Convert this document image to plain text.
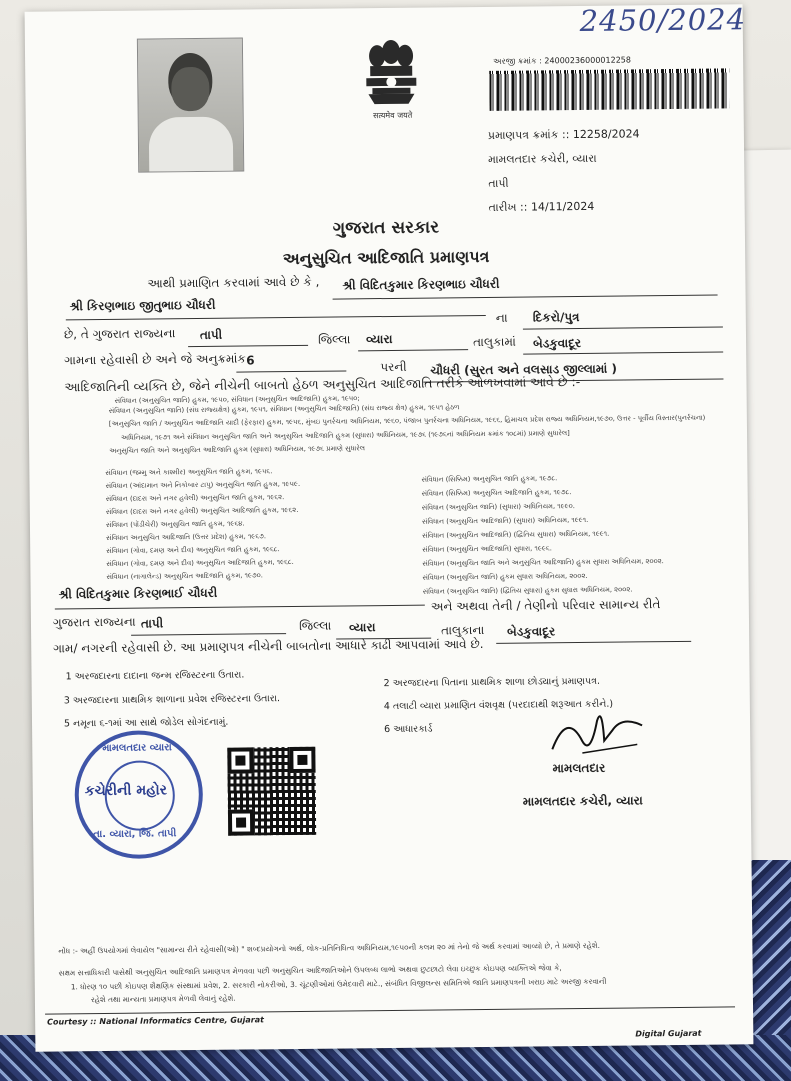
2450/2024
सत्यमेव जयते
અરજી ક્રમાંક : 24000236000012258
પ્રમાણપત્ર ક્રમાંક :: 12258/2024
મામલતદાર કચેરી, વ્યારા
તાપી
તારીખ :: 14/11/2024
ગુજરાત સરકાર
અનુસુચિત આદિજાતિ પ્રમાણપત્ર
આથી પ્રમાણિત કરવામાં આવે છે કે , શ્રી વિદિતકુમાર કિરણભાઇ ચૌધરી
શ્રી કિરણભાઇ જીતુભાઇ ચૌધરી
ના દિકરો/પુત્ર
છે, તે ગુજરાત રાજ્યના તાપી	જિલ્લા વ્યારા	તાલુકામાં બેડકુવાદૂર
ગામના રહેવાસી છે અને જે અનુક્રમાંક 6	પરની ચૌધરી (સુરત અને વલસાડ જીલ્લામાં )
આદિજાતિની વ્યક્તિ છે, જેને નીચેની બાબતો હેઠળ અનુસુચિત આદિજાતિ તરીકે ઓળખવામાં આવે છે :-
સંવિધાન (અનુસુચિત જાતિ) હુકમ, ૧૯૫૦, સંવિધાન (અનુસુચિત આદિજાતિ) હુકમ, ૧૯૫૦;
સંવિધાન (અનુસુચિત જાતિ) (સંઘ રાજ્યક્ષેત્ર) હુકમ, ૧૯૫૧, સંવિધાન (અનુસુચિત આદિજાતિ) (સંઘ રાજ્ય ક્ષેત્ર) હુકમ, ૧૯૫૧ હેઠળ
[અનુસુચિત જાતિ / અનુસુચિત આદિજાતિ યાદી (ફેરફાર) હુકમ, ૧૯૫૬, મુંબઇ પુનર્રચના અધિનિયમ, ૧૯૬૦, પંજાબ પુનર્રચના અધિનિયમ, ૧૯૬૬, હિમાચલ પ્રદેશ રાજ્ય અધિનિયમ,૧૯૭૦, ઉત્તર - પૂર્વીય વિસ્તાર(પુનર્રચના)
અધિનિયમ, ૧૯૭૧ અને સંવિધાન અનુસુચિત જાતિ અને અનુસુચિત આદિજાતિ હુકમ (સુધારા) અધિનિયમ, ૧૯૭૬ (૧૯૭૬નાં અધિનિયમ ક્રમાંક ૧૦૮માં) પ્રમાણે સુધારેલ]
અનુસુચિત જાતિ અને અનુસુચિત આદિજાતિ હુકમ (સુધારા) અધિનિયમ, ૧૯૭૬ પ્રમાણે સુધારેલ
સંવિધાન (જમ્મુ અને કાશ્મીર) અનુસુચિત જાતિ હુકમ, ૧૯૫૬.
સંવિધાન (આંદામાન અને નિકોબાર ટાપુ) અનુસુચિત જાતિ હુકમ, ૧૯૫૯.
સંવિધાન (દાદરા અને નગર હવેલી) અનુસુચિત જાતિ હુકમ, ૧૯૬૨.
સંવિધાન (દાદરા અને નગર હવેલી) અનુસુચિત આદિજાતિ હુકમ, ૧૯૬૨.
સંવિધાન (પોંડીચેરી) અનુસુચિત જાતિ હુકમ, ૧૯૬૪.
સંવિધાન અનુસુચિત આદિજાતિ (ઉત્તર પ્રદેશ) હુકમ, ૧૯૬૭.
સંવિધાન (ગોવા, દમણ અને દીવ) અનુસુચિત જાતિ હુકમ, ૧૯૬૮.
સંવિધાન (ગોવા, દમણ અને દીવ) અનુસુચિત આદિજાતિ હુકમ, ૧૯૬૮.
સંવિધાન (નાગાલેન્ડ) અનુસુચિત આદિજાતિ હુકમ, ૧૯૭૦.
સંવિધાન (સિક્કિમ) અનુસુચિત જાતિ હુકમ, ૧૯૭૮.
સંવિધાન (સિક્કિમ) અનુસુચિત આદિજાતિ હુકમ, ૧૯૭૮.
સંવિધાન (અનુસુચિત જાતિ) (સુધારા) અધિનિયમ, ૧૯૯૦.
સંવિધાન (અનુસુચિત આદિજાતિ) (સુધારા) અધિનિયમ, ૧૯૯૧.
સંવિધાન (અનુસુચિત આદિજાતિ) (દ્વિતિય સુધારા) અધિનિયમ, ૧૯૯૧.
સંવિધાન (અનુસુચિત આદિજાતિ) સુધારા, ૧૯૯૬.
સંવિધાન (અનુસુચિત જાતિ અને અનુસુચિત આદિજાતિ) હુકમ સુધારા અધિનિયમ, ૨૦૦૨.
સંવિધાન (અનુસુચિત જાતિ) હુકમ સુધારા અધિનિયમ, ૨૦૦૨.
સંવિધાન (અનુસુચિત જાતિ) (દ્વિતિય સુધારા) હુકમ સુધારા અધિનિયમ, ૨૦૦૨.
શ્રી વિદિતકુમાર કિરણભાઈ ચૌધરી
અને અથવા તેની / તેણીનો પરિવાર સામાન્ય રીતે
ગુજરાત રાજ્યના તાપી	જિલ્લા વ્યારા	તાલુકાના બેડકુવાદૂર
ગામ/ નગરની રહેવાસી છે. આ પ્રમાણપત્ર નીચેની બાબતોના આધારે કાઢી આપવામાં આવે છે.
1 અરજદારના દાદાના જન્મ રજિસ્ટરના ઉતારા.	2 અરજદારના પિતાના પ્રાથમિક શાળા છોડ્યાનું પ્રમાણપત્ર.
3 અરજદારના પ્રાથમિક શાળાના પ્રવેશ રજિસ્ટરના ઉતારા.	4 તલાટી વ્યારા પ્રમાણિત વંશવૃક્ષ (પરદાદાથી શરૂઆત કરીને.)
5 નમૂના ૬-૧માં આ સાથે જોડેલ સોગંદનામું.	6 આધારકાર્ડ
મામલતદાર વ્યારા
કચેરીની મહોર
તા. વ્યારા, જિ. તાપી
મામલતદાર
મામલતદાર કચેરી, વ્યારા
નોંધ :- અહીં ઉપયોગમાં લેવાયેલ "સામાન્ય રીતે રહેવાસી(ઓ) " શબ્દપ્રયોગનો અર્થ, લોક-પ્રતિનિધિત્વ અધિનિયમ,૧૯૫૦ની કલમ ૨૦ માં તેનો જે અર્થ કરવામાં આવ્યો છે, તે પ્રમાણે રહેશે.
સક્ષમ સત્તાધિકારી પાસેથી અનુસુચિત આદિજાતિ પ્રમાણપત્ર મેળવવા પછી અનુસુચિત આદિજાતિઓને ઉપલબ્ધ લાભો અથવા છુટછાટો લેવા ઇચ્છુક કોઇપણ વ્યક્તિએ જેવા કે,
1. ધોરણ ૧૦ પછી કોઇપણ શૈક્ષણિક સંસ્થામાં પ્રવેશ, 2. સરકારી નોકરીઓ, 3. ચૂંટણીઓમાં ઉમેદવારી માટે., સંબંધિત વિજીલન્સ સમિતિએ જાતિ પ્રમાણપત્રની ખરાઇ માટે અરજી કરવાની
રહેશે તથા માન્યતા પ્રમાણપત્ર મેળવી લેવાનું રહેશે.
Courtesy :: National Informatics Centre, Gujarat
Digital Gujarat
